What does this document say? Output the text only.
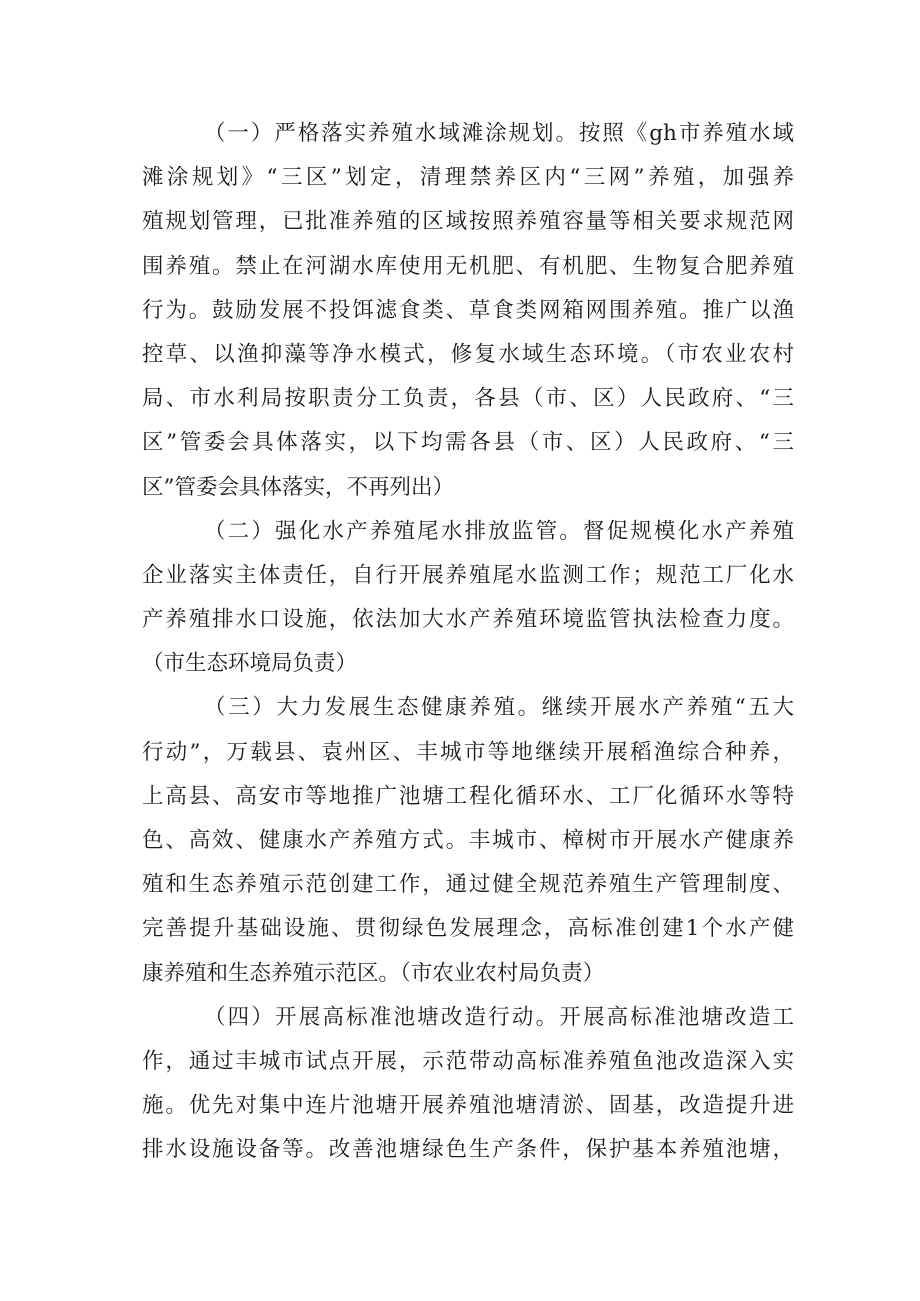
（一）严格落实养殖水域滩涂规划。按照《gh市养殖水域
滩涂规划》“三区”划定，清理禁养区内“三网”养殖，加强养
殖规划管理，已批准养殖的区域按照养殖容量等相关要求规范网
围养殖。禁止在河湖水库使用无机肥、有机肥、生物复合肥养殖
行为。鼓励发展不投饵滤食类、草食类网箱网围养殖。推广以渔
控草、以渔抑藻等净水模式，修复水域生态环境。（市农业农村
局、市水利局按职责分工负责，各县（市、区）人民政府、“三
区”管委会具体落实，以下均需各县（市、区）人民政府、“三
区”管委会具体落实，不再列出）
（二）强化水产养殖尾水排放监管。督促规模化水产养殖
企业落实主体责任，自行开展养殖尾水监测工作；规范工厂化水
产养殖排水口设施，依法加大水产养殖环境监管执法检查力度。
（市生态环境局负责）
（三）大力发展生态健康养殖。继续开展水产养殖“五大
行动”，万载县、袁州区、丰城市等地继续开展稻渔综合种养，
上高县、高安市等地推广池塘工程化循环水、工厂化循环水等特
色、高效、健康水产养殖方式。丰城市、樟树市开展水产健康养
殖和生态养殖示范创建工作，通过健全规范养殖生产管理制度、
完善提升基础设施、贯彻绿色发展理念，高标准创建1个水产健
康养殖和生态养殖示范区。（市农业农村局负责）
（四）开展高标准池塘改造行动。开展高标准池塘改造工
作，通过丰城市试点开展，示范带动高标准养殖鱼池改造深入实
施。优先对集中连片池塘开展养殖池塘清淤、固基，改造提升进
排水设施设备等。改善池塘绿色生产条件，保护基本养殖池塘，
